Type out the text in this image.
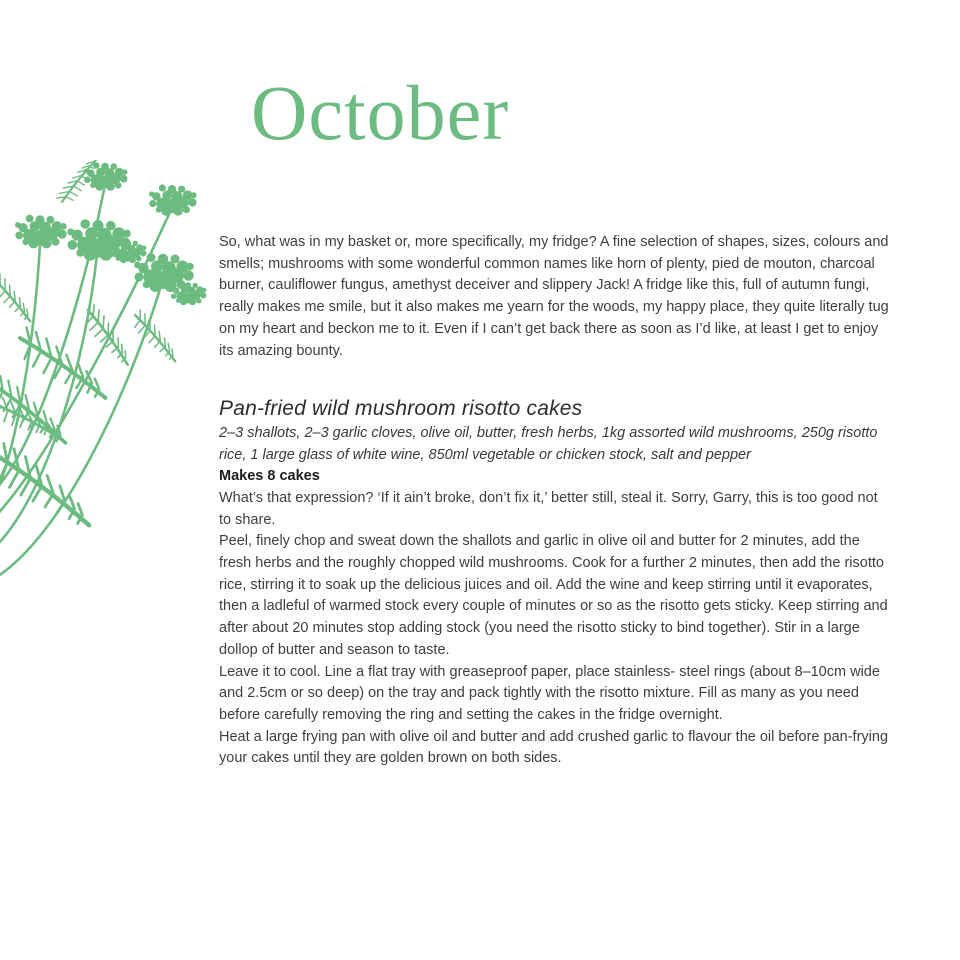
October

So, what was in my basket or, more specifically, my fridge? A fine selection of shapes, sizes, colours and smells; mushrooms with some wonderful common names like horn of plenty, pied de mouton, charcoal burner, cauliflower fungus, amethyst deceiver and slippery Jack! A fridge like this, full of autumn fungi, really makes me smile, but it also makes me yearn for the woods, my happy place, they quite literally tug on my heart and beckon me to it. Even if I can’t get back there as soon as I’d like, at least I get to enjoy its amazing bounty.

Pan-fried wild mushroom risotto cakes

2–3 shallots, 2–3 garlic cloves, olive oil, butter, fresh herbs, 1kg assorted wild mushrooms, 250g risotto rice, 1 large glass of white wine, 850ml vegetable or chicken stock, salt and pepper

Makes 8 cakes

What’s that expression? ‘If it ain’t broke, don’t fix it,’ better still, steal it. Sorry, Garry, this is too good not to share.

Peel, finely chop and sweat down the shallots and garlic in olive oil and butter for 2 minutes, add the fresh herbs and the roughly chopped wild mushrooms. Cook for a further 2 minutes, then add the risotto rice, stirring it to soak up the delicious juices and oil. Add the wine and keep stirring until it evaporates, then a ladleful of warmed stock every couple of minutes or so as the risotto gets sticky. Keep stirring and after about 20 minutes stop adding stock (you need the risotto sticky to bind together). Stir in a large dollop of butter and season to taste.

Leave it to cool. Line a flat tray with greaseproof paper, place stainless- steel rings (about 8–10cm wide and 2.5cm or so deep) on the tray and pack tightly with the risotto mixture. Fill as many as you need before carefully removing the ring and setting the cakes in the fridge overnight.

Heat a large frying pan with olive oil and butter and add crushed garlic to flavour the oil before pan-frying your cakes until they are golden brown on both sides.
